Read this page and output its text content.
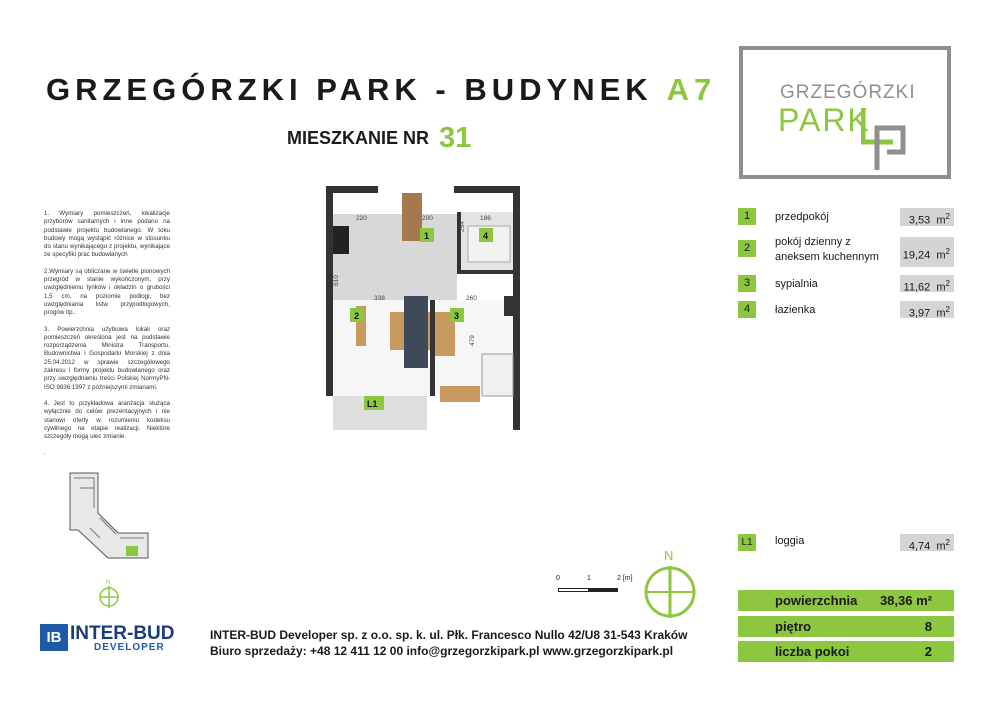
GRZEGÓRZKI PARK - BUDYNEK A7
MIESZKANIE NR 31
GRZEGÓRZKI
PARK

1. Wymiary pomieszczeń, lokalizacje przyborów sanitarnych i inne podano na podstawie projektu budowlanego. W toku budowy mogą wystąpić różnice w stosunku do stanu wynikającego z projektu, wynikające ze specyfiki prac budowlanych

2.Wymiary są obliczane w świetle pionowych przegród w stanie wykończonym, przy uwzględnieniu tynków i okładzin o grubości 1,5 cm, na poziomie podłogi, bez uwzględniania listw przypodłogowych, progów itp..

3. Powierzchnia użytkowa lokali oraz pomieszczeń określona jest na podstawie rozporządzenia Ministra Transportu, Budownictwa i Gospodarki Morskiej z dnia 25.04.2012 w sprawie szczegółowego zakresu i formy projektu budowlanego oraz przy uwzględnieniu treści Polskiej NormyPN-ISO 9836:1997 z późniejszymi zmianami.

4. Jest to przykładowa aranżacja służąca wyłącznie do celów prezentacyjnych i nie stanowi oferty w rozumieniu kodeksu cywilnego na etapie realizacji. Niektóre szczegóły mogą ulec zmianie.

.

220	200	186
254
610
338	260
479
1
2	3
4
L1
1	przedpokój	3,53 $m^2$
2	pokój dzienny z aneksem kuchennym	19,24 $m^2$
3	sypialnia	11,62 $m^2$
4	łazienka	3,97 $m^2$
L1	loggia	4,74 $m^2$
powierzchnia 38,36 m²
piętro	8
liczba pokoi	2
N
0	1	2 [m]
N
IB INTER-BUD
DEVELOPER
INTER-BUD Developer sp. z o.o. sp. k. ul. Płk. Francesco Nullo 42/U8 31-543 Kraków
Biuro sprzedaży: +48 12 411 12 00 info@grzegorzkipark.pl www.grzegorzkipark.pl
